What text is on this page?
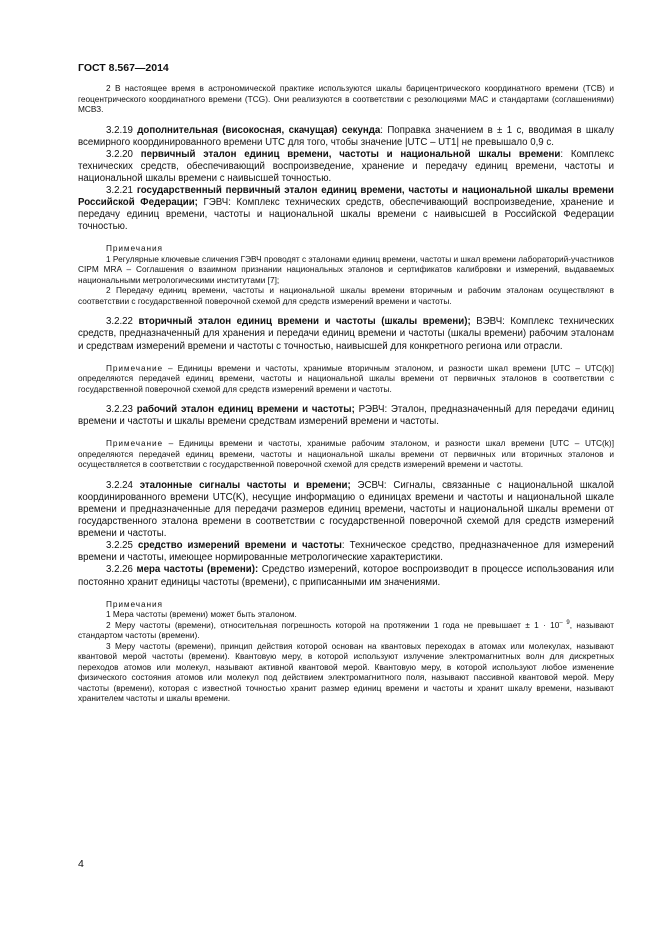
ГОСТ 8.567—2014

2 В настоящее время в астрономической практике используются шкалы барицентрического координатного времени (TCB) и геоцентрического координатного времени (TCG). Они реализуются в соответствии с резолюциями МАС и стандартами (соглашениями) МСВЗ.

3.2.19 дополнительная (високосная, скачущая) секунда: Поправка значением в ± 1 с, вводимая в шкалу всемирного координированного времени UTC для того, чтобы значение |UTC – UT1| не превышало 0,9 с.

3.2.20 первичный эталон единиц времени, частоты и национальной шкалы времени: Комплекс технических средств, обеспечивающий воспроизведение, хранение и передачу единиц времени, частоты и национальной шкалы времени с наивысшей точностью.

3.2.21 государственный первичный эталон единиц времени, частоты и национальной шкалы времени Российской Федерации; ГЭВЧ: Комплекс технических средств, обеспечивающий воспроизведение, хранение и передачу единиц времени, частоты и национальной шкалы времени с наивысшей в Российской Федерации точностью.

Примечания

1 Регулярные ключевые сличения ГЭВЧ проводят с эталонами единиц времени, частоты и шкал времени лабораторий-участников CIPM MRA – Соглашения о взаимном признании национальных эталонов и сертификатов калибровки и измерений, выдаваемых национальными метрологическими институтами [7];

2 Передачу единиц времени, частоты и национальной шкалы времени вторичным и рабочим эталонам осуществляют в соответствии с государственной поверочной схемой для средств измерений времени и частоты.

3.2.22 вторичный эталон единиц времени и частоты (шкалы времени); ВЭВЧ: Комплекс технических средств, предназначенный для хранения и передачи единиц времени и частоты (шкалы времени) рабочим эталонам и средствам измерений времени и частоты с точностью, наивысшей для конкретного региона или отрасли.

Примечание – Единицы времени и частоты, хранимые вторичным эталоном, и разности шкал времени [UTC – UTC(k)] определяются передачей единиц времени, частоты и национальной шкалы времени от первичных эталонов в соответствии с государственной поверочной схемой для средств измерений времени и частоты.

3.2.23 рабочий эталон единиц времени и частоты; РЭВЧ: Эталон, предназначенный для передачи единиц времени и частоты и шкалы времени средствам измерений времени и частоты.

Примечание – Единицы времени и частоты, хранимые рабочим эталоном, и разности шкал времени [UTC – UTC(k)] определяются передачей единиц времени, частоты и национальной шкалы времени от первичных или вторичных эталонов и осуществляется в соответствии с государственной поверочной схемой для средств измерений времени и частоты.

3.2.24 эталонные сигналы частоты и времени; ЭСВЧ: Сигналы, связанные с национальной шкалой координированного времени UTC(K), несущие информацию о единицах времени и частоты и национальной шкале времени и предназначенные для передачи размеров единиц времени, частоты и национальной шкалы времени от государственного эталона времени в соответствии с государственной поверочной схемой для средств измерений времени и частоты.

3.2.25 средство измерений времени и частоты: Техническое средство, предназначенное для измерений времени и частоты, имеющее нормированные метрологические характеристики.

3.2.26 мера частоты (времени): Средство измерений, которое воспроизводит в процессе использования или постоянно хранит единицы частоты (времени), с приписанными им значениями.

Примечания

1 Мера частоты (времени) может быть эталоном.

2 Меру частоты (времени), относительная погрешность которой на протяжении 1 года не превышает ± $1 \cdot 10^{- 9}$, называют стандартом частоты (времени).

3 Меру частоты (времени), принцип действия которой основан на квантовых переходах в атомах или молекулах, называют квантовой мерой частоты (времени). Квантовую меру, в которой используют излучение электромагнитных волн для дискретных переходов атомов или молекул, называют активной квантовой мерой. Квантовую меру, в которой используют любое изменение физического состояния атомов или молекул под действием электромагнитного поля, называют пассивной квантовой мерой. Меру частоты (времени), которая с известной точностью хранит размер единиц времени и частоты и хранит шкалу времени, называют хранителем частоты и шкалы времени.

4
